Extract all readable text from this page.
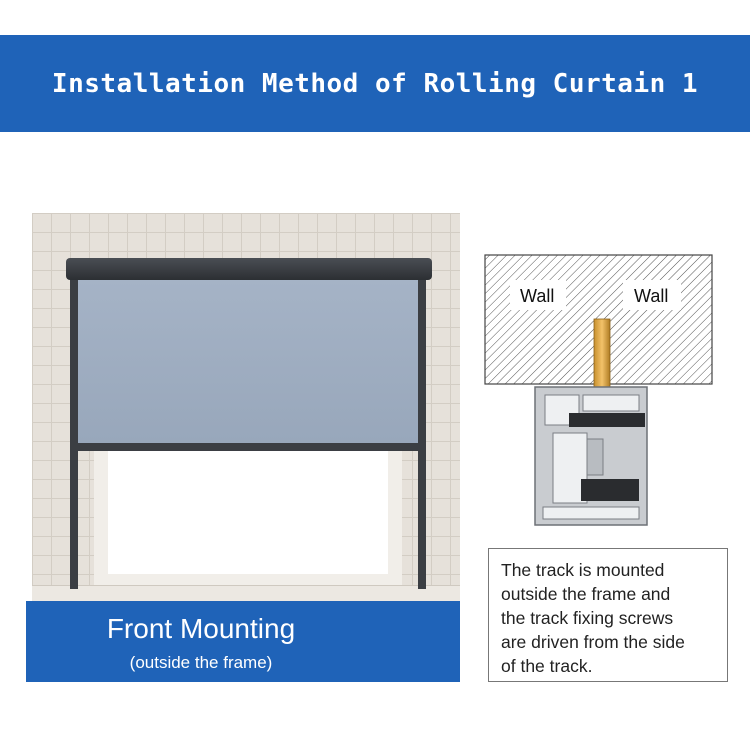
Installation Method of Rolling Curtain 1
Front Mounting
(outside the frame)
Wall	Wall
The track is mounted
outside the frame and
the track fixing screws
are driven from the side
of the track.
